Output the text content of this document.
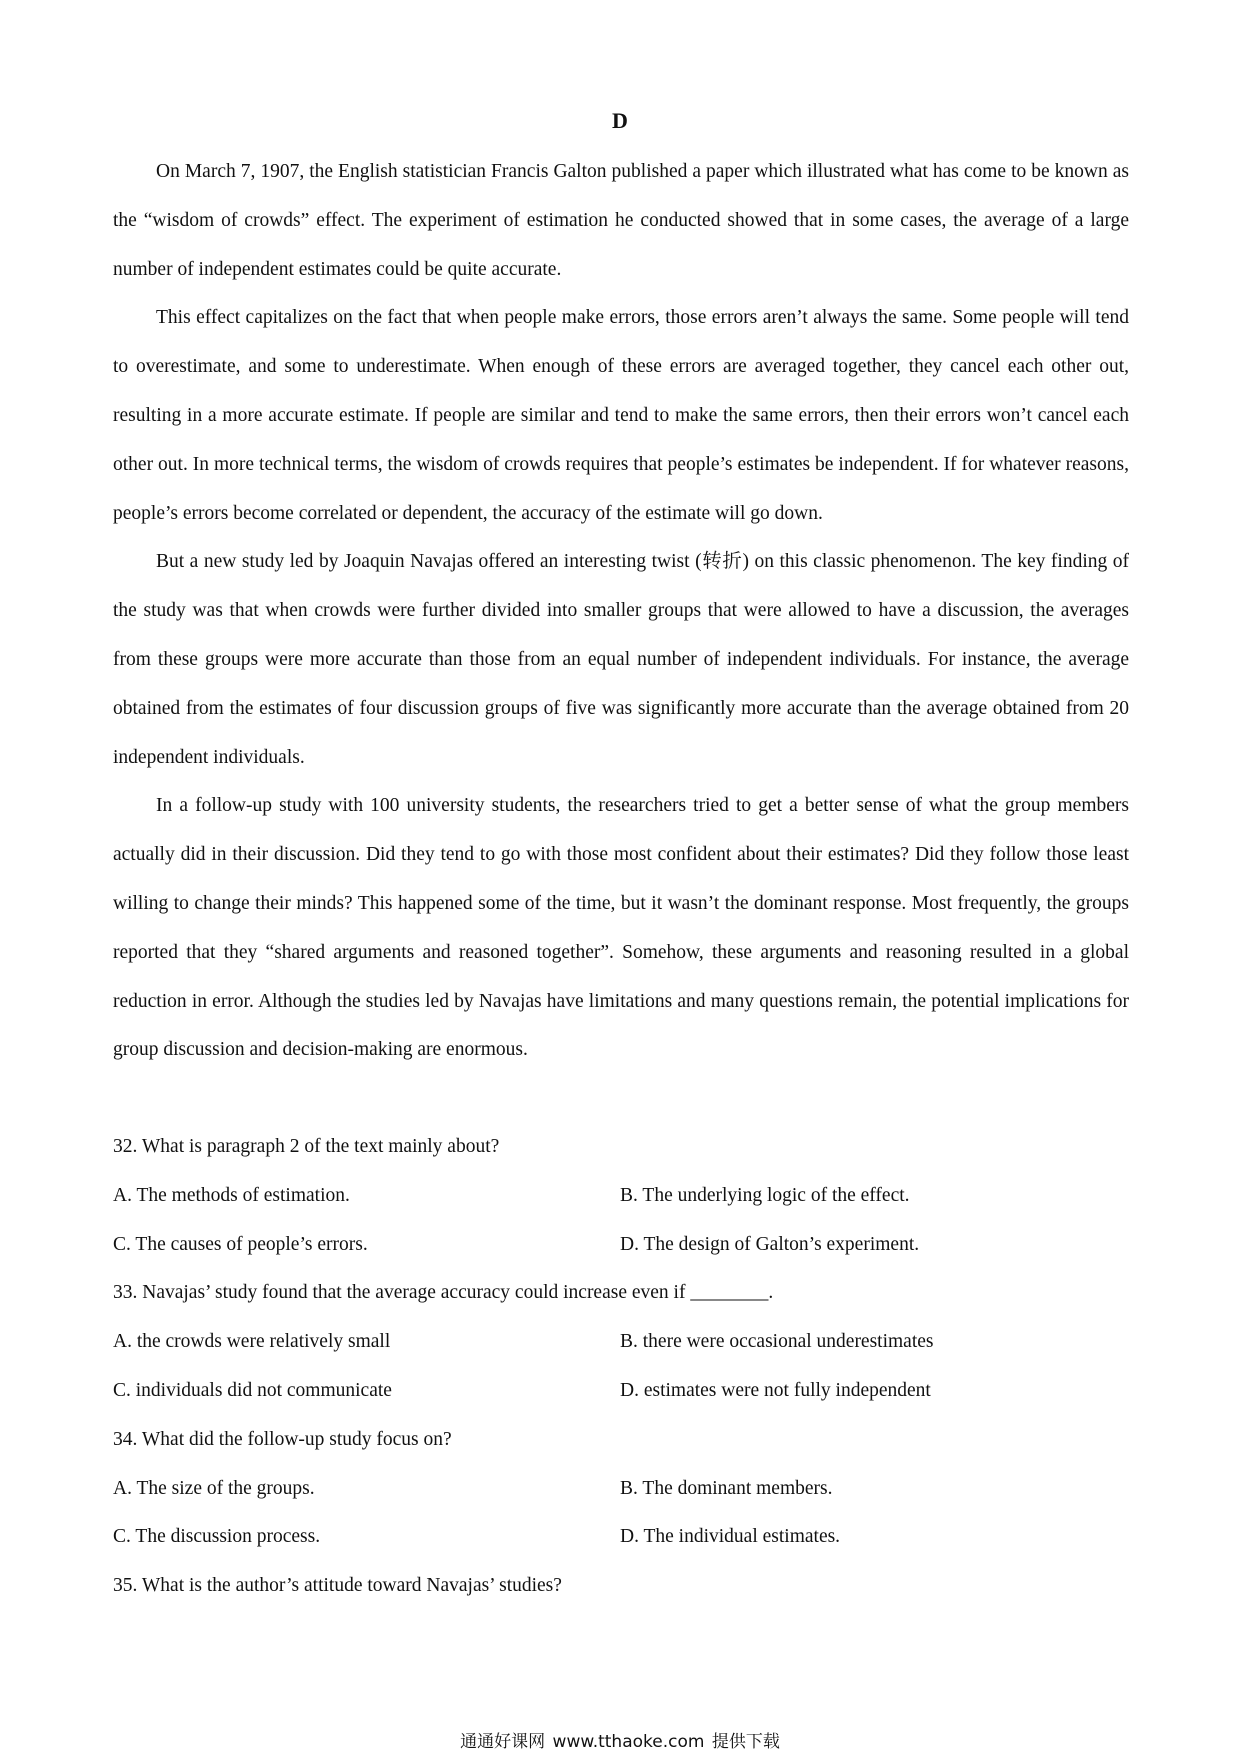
D

On March 7, 1907, the English statistician Francis Galton published a paper which illustrated what has come to be known as the “wisdom of crowds” effect. The experiment of estimation he conducted showed that in some cases, the average of a large number of independent estimates could be quite accurate.

This effect capitalizes on the fact that when people make errors, those errors aren’t always the same. Some people will tend to overestimate, and some to underestimate. When enough of these errors are averaged together, they cancel each other out, resulting in a more accurate estimate. If people are similar and tend to make the same errors, then their errors won’t cancel each other out. In more technical terms, the wisdom of crowds requires that people’s estimates be independent. If for whatever reasons, people’s errors become correlated or dependent, the accuracy of the estimate will go down.

But a new study led by Joaquin Navajas offered an interesting twist (转折) on this classic phenomenon. The key finding of the study was that when crowds were further divided into smaller groups that were allowed to have a discussion, the averages from these groups were more accurate than those from an equal number of independent individuals. For instance, the average obtained from the estimates of four discussion groups of five was significantly more accurate than the average obtained from 20 independent individuals.

In a follow-up study with 100 university students, the researchers tried to get a better sense of what the group members actually did in their discussion. Did they tend to go with those most confident about their estimates? Did they follow those least willing to change their minds? This happened some of the time, but it wasn’t the dominant response. Most frequently, the groups reported that they “shared arguments and reasoned together”. Somehow, these arguments and reasoning resulted in a global reduction in error. Although the studies led by Navajas have limitations and many questions remain, the potential implications for group discussion and decision-making are enormous.

32. What is paragraph 2 of the text mainly about?
A. The methods of estimation.	B. The underlying logic of the effect.
C. The causes of people’s errors.	D. The design of Galton’s experiment.
33. Navajas’ study found that the average accuracy could increase even if ________.
A. the crowds were relatively small	B. there were occasional underestimates
C. individuals did not communicate	D. estimates were not fully independent
34. What did the follow-up study focus on?
A. The size of the groups.	B. The dominant members.
C. The discussion process.	D. The individual estimates.
35. What is the author’s attitude toward Navajas’ studies?
通通好课网 www.tthaoke.com 提供下载
